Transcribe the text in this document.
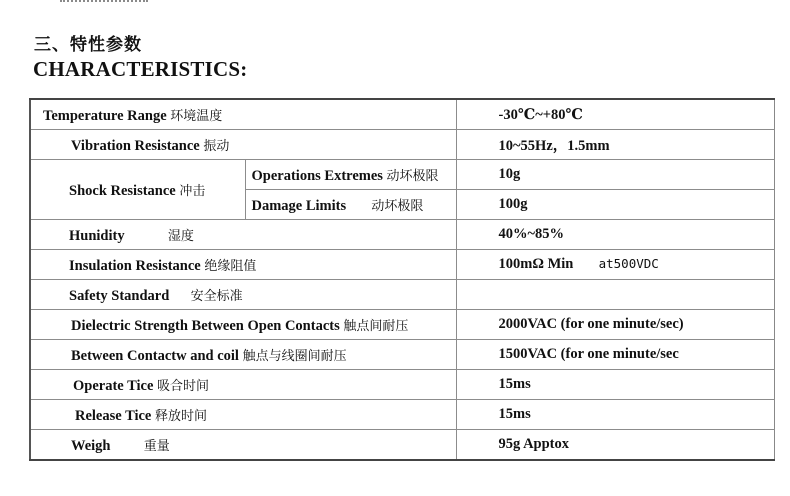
三、特性参数
CHARACTERISTICS:
Temperature Range 环境温度		-30℃~+80℃
Vibration Resistance 振动		10~55Hz，1.5mm
Shock Resistance 冲击	Operations Extremes 动坏极限	10g
	Damage Limits 动坏极限	100g
Hunidity 湿度		40%~85%
Insulation Resistance 绝缘阻值		100mΩ Min at500VDC
Safety Standard 安全标准		
Dielectric Strength Between Open Contacts 触点间耐压		2000VAC (for one minute/sec)
Between Contactw and coil 触点与线圈间耐压		1500VAC (for one minute/sec
Operate Tice 吸合时间		15ms
Release Tice 释放时间		15ms
Weigh 重量		95g Apptox
